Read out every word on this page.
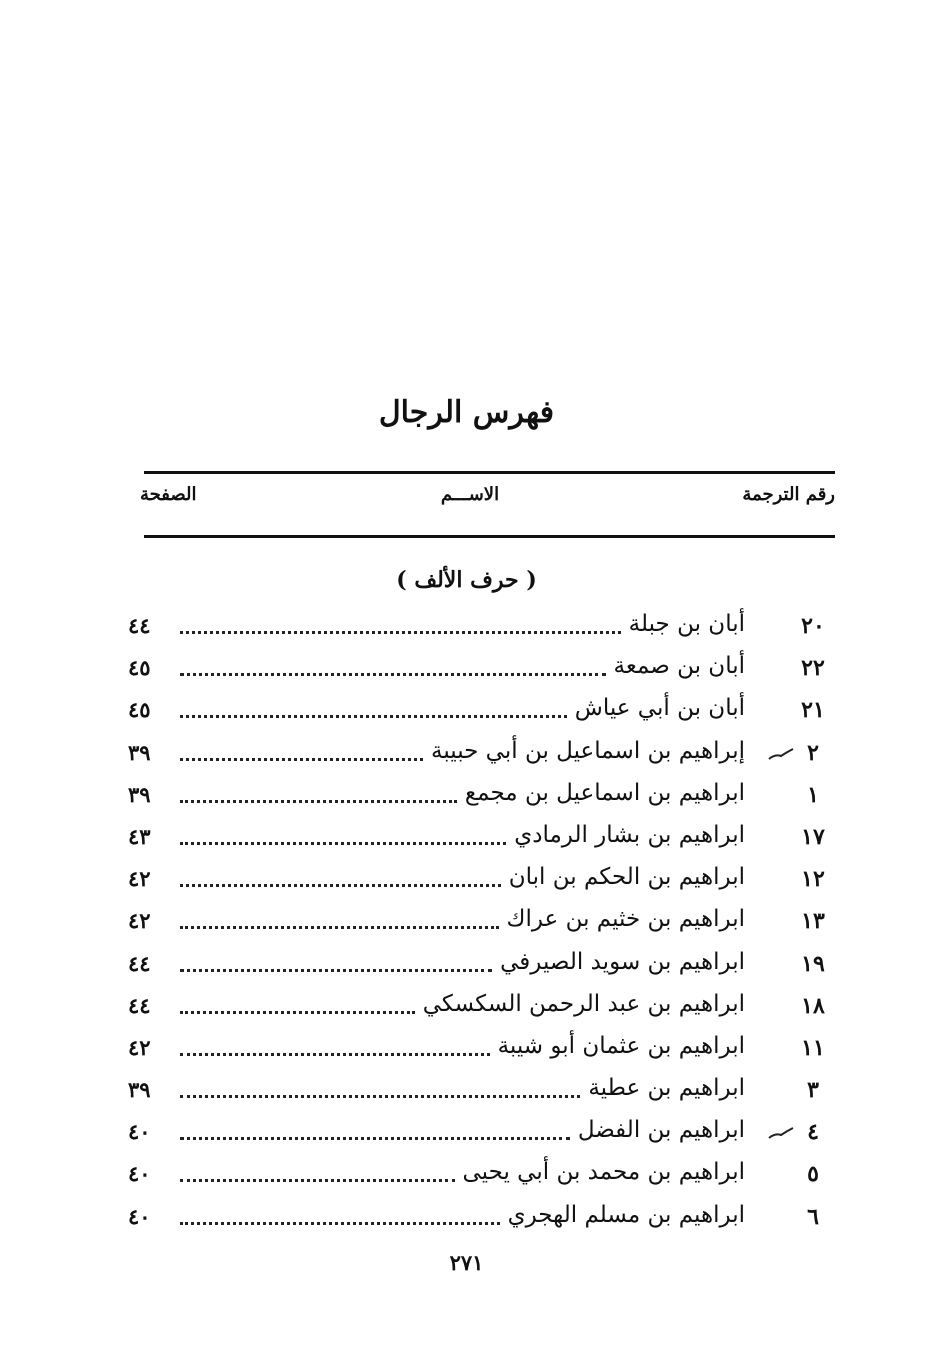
فهرس الرجال
رقم الترجمة
الاســـم
الصفحة
( حرف الألف )
٢٠
أبان بن جبلة
٤٤
٢٢
أبان بن صمعة
٤٥
٢١
أبان بن أبي عياش
٤٥
٢
إبراهيم بن اسماعيل بن أبي حبيبة
٣٩
١
ابراهيم بن اسماعيل بن مجمع
٣٩
١٧
ابراهيم بن بشار الرمادي
٤٣
١٢
ابراهيم بن الحكم بن ابان
٤٢
١٣
ابراهيم بن خثيم بن عراك
٤٢
١٩
ابراهيم بن سويد الصيرفي
٤٤
١٨
ابراهيم بن عبد الرحمن السكسكي
٤٤
١١
ابراهيم بن عثمان أبو شيبة
٤٢
٣
ابراهيم بن عطية
٣٩
٤
ابراهيم بن الفضل
٤٠
٥
ابراهيم بن محمد بن أبي يحيى
٤٠
٦
ابراهيم بن مسلم الهجري
٤٠
٢٧١
